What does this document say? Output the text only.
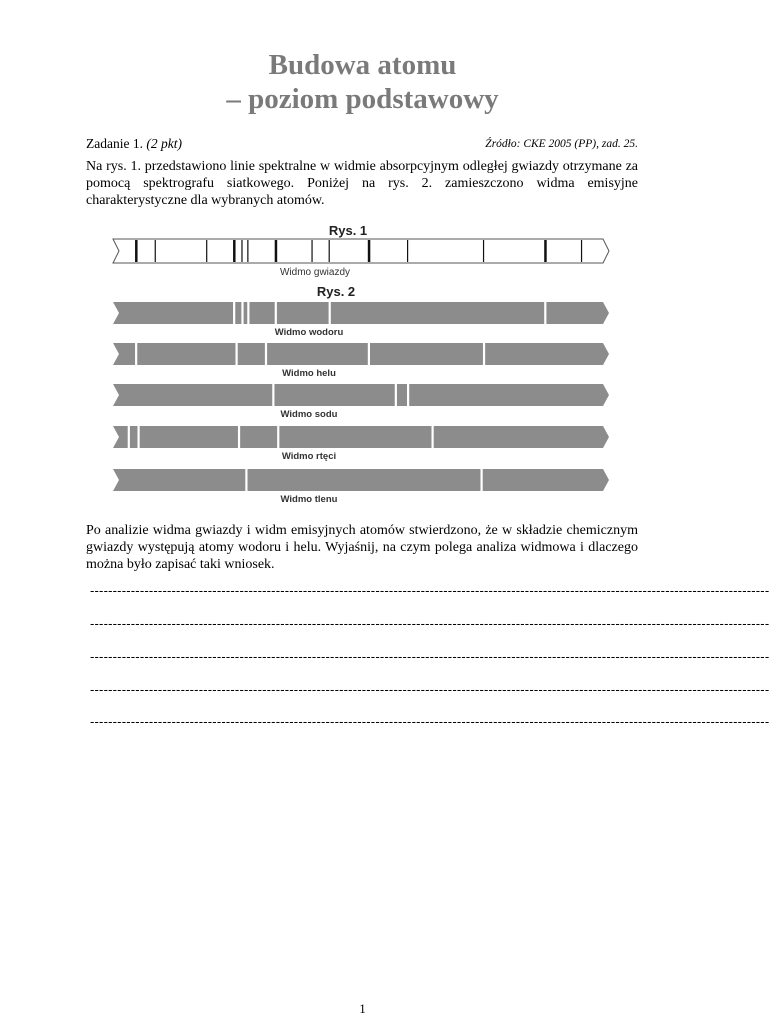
Budowa atomu
– poziom podstawowy
Zadanie 1. (2 pkt)	Źródło: CKE 2005 (PP), zad. 25.
Na rys. 1. przedstawiono linie spektralne w widmie absorpcyjnym odległej gwiazdy otrzymane za pomocą spektrografu siatkowego. Poniżej na rys. 2. zamieszczono widma emisyjne charakterystyczne dla wybranych atomów.
Rys. 1
Widmo gwiazdy
Rys. 2
Widmo wodoru
Widmo helu
Widmo sodu
Widmo rtęci
Widmo tlenu
Po analizie widma gwiazdy i widm emisyjnych atomów stwierdzono, że w składzie chemicznym gwiazdy występują atomy wodoru i helu. Wyjaśnij, na czym polega analiza widmowa i dlaczego można było zapisać taki wniosek.
------------------------------------------------------------------------------------------------------------------------------------------------------
------------------------------------------------------------------------------------------------------------------------------------------------------
------------------------------------------------------------------------------------------------------------------------------------------------------
------------------------------------------------------------------------------------------------------------------------------------------------------
------------------------------------------------------------------------------------------------------------------------------------------------------
1
